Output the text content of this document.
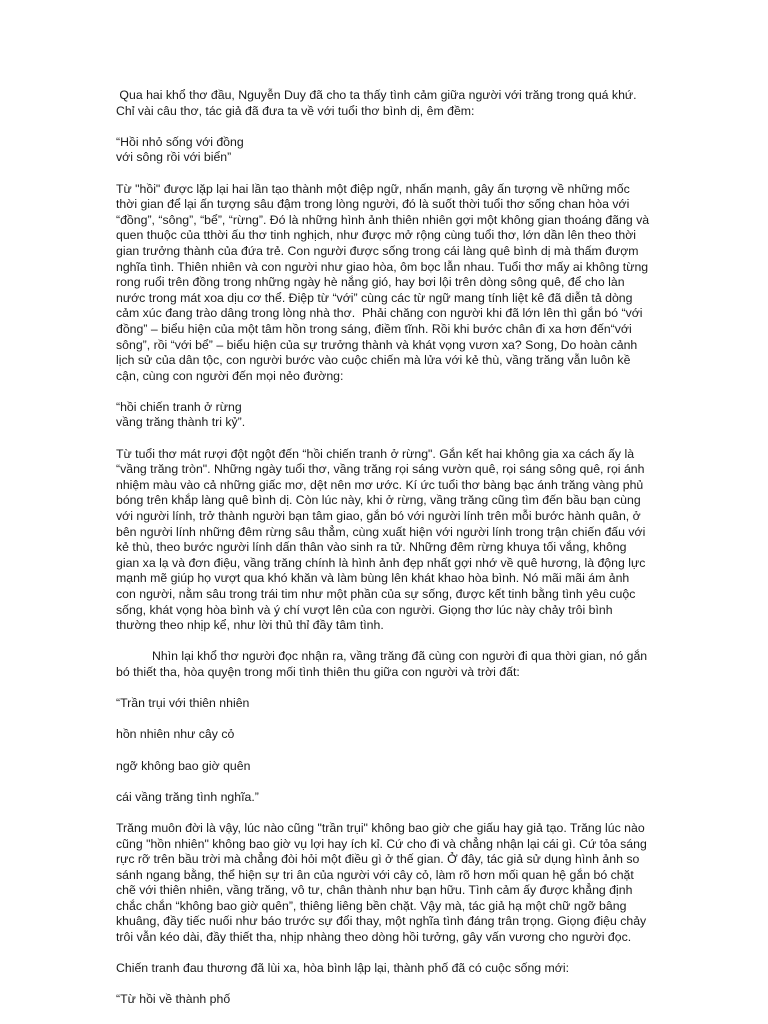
Qua hai khổ thơ đầu, Nguyễn Duy đã cho ta thấy tình cảm giữa người với trăng trong quá khứ. Chỉ vài câu thơ, tác giả đã đưa ta về với tuổi thơ bình dị, êm đềm:

“Hồi nhỏ sống với đồng
với sông rồi với biển”

Từ "hồi" được lặp lại hai lần tạo thành một điệp ngữ, nhấn mạnh, gây ấn tượng về những mốc thời gian để lại ấn tượng sâu đậm trong lòng người, đó là suốt thời tuổi thơ sống chan hòa với “đồng”, “sông”, “bể”, “rừng”. Đó là những hình ảnh thiên nhiên gợi một không gian thoáng đãng và quen thuộc của tthời ấu thơ tinh nghịch, như được mở rộng cùng tuổi thơ, lớn dần lên theo thời gian trưởng thành của đứa trẻ. Con người được sống trong cái làng quê bình dị mà thấm đượm nghĩa tình. Thiên nhiên và con người như giao hòa, ôm bọc lẫn nhau. Tuổi thơ mấy ai không từng rong ruổi trên đồng trong những ngày hè nắng gió, hay bơi lội trên dòng sông quê, để cho làn nước trong mát xoa dịu cơ thể. Điệp từ “với” cùng các từ ngữ mang tính liệt kê đã diễn tả dòng cảm xúc đang trào dâng trong lòng nhà thơ.  Phải chăng con người khi đã lớn lên thì gắn bó “với đồng” – biểu hiện của một tâm hồn trong sáng, điềm tĩnh. Rồi khi bước chân đi xa hơn đến“với sông”, rồi “với bể” – biểu hiện của sự trưởng thành và khát vọng vươn xa? Song, Do hoàn cảnh lịch sử của dân tộc, con người bước vào cuộc chiến mà lửa với kẻ thù, vầng trăng vẫn luôn kề cận, cùng con người đến mọi nẻo đường:

“hồi chiến tranh ở rừng
vầng trăng thành tri kỷ”.

Từ tuổi thơ mát rượi đột ngột đến “hồi chiến tranh ở rừng". Gắn kết hai không gia xa cách ấy là “vầng trăng tròn". Những ngày tuổi thơ, vầng trăng rọi sáng vườn quê, rọi sáng sông quê, rọi ánh nhiệm màu vào cả những giấc mơ, dệt nên mơ ước. Kí ức tuổi thơ bàng bạc ánh trăng vàng phủ bóng trên khắp làng quê bình dị. Còn lúc này, khi ở rừng, vầng trăng cũng tìm đến bầu bạn cùng với người lính, trở thành người bạn tâm giao, gắn bó với người lính trên mỗi bước hành quân, ở bên người lính những đêm rừng sâu thẳm, cùng xuất hiện với người lính trong trận chiến đấu với kẻ thù, theo bước người lính dấn thân vào sinh ra tử. Những đêm rừng khuya tối vắng, không gian xa lạ và đơn điệu, vầng trăng chính là hình ảnh đẹp nhất gợi nhớ về quê hương, là động lực mạnh mẽ giúp họ vượt qua khó khăn và làm bùng lên khát khao hòa bình. Nó mãi mãi ám ảnh con người, nằm sâu trong trái tim như một phần của sự sống, được kết tinh bằng tình yêu cuộc sống, khát vọng hòa bình và ý chí vượt lên của con người. Giọng thơ lúc này chảy trôi bình thường theo nhịp kể, như lời thủ thỉ đầy tâm tình.

Nhìn lại khổ thơ người đọc nhận ra, vầng trăng đã cùng con người đi qua thời gian, nó gắn bó thiết tha, hòa quyện trong mối tình thiên thu giữa con người và trời đất:

“Trần trụi với thiên nhiên

hồn nhiên như cây cỏ

ngỡ không bao giờ quên

cái vầng trăng tình nghĩa.”

Trăng muôn đời là vậy, lúc nào cũng "trần trụi" không bao giờ che giấu hay giả tạo. Trăng lúc nào cũng "hồn nhiên" không bao giờ vụ lợi hay ích kỉ. Cứ cho đi và chẳng nhận lại cái gì. Cứ tỏa sáng rực rỡ trên bầu trời mà chẳng đòi hỏi một điều gì ở thế gian. Ở đây, tác giả sử dụng hình ảnh so sánh ngang bằng, thể hiện sự tri ân của người với cây cỏ, làm rõ hơn mối quan hệ gắn bó chặt chẽ với thiên nhiên, vầng trăng, vô tư, chân thành như bạn hữu. Tình cảm ấy được khẳng định chắc chắn “không bao giờ quên”, thiêng liêng bền chặt. Vậy mà, tác giả hạ một chữ ngỡ bâng khuâng, đầy tiếc nuối như báo trước sự đổi thay, một nghĩa tình đáng trân trọng. Giọng điệu chảy trôi vẫn kéo dài, đầy thiết tha, nhịp nhàng theo dòng hồi tưởng, gây vấn vương cho người đọc.

Chiến tranh đau thương đã lùi xa, hòa bình lập lại, thành phố đã có cuộc sống mới:

“Từ hồi về thành phố
